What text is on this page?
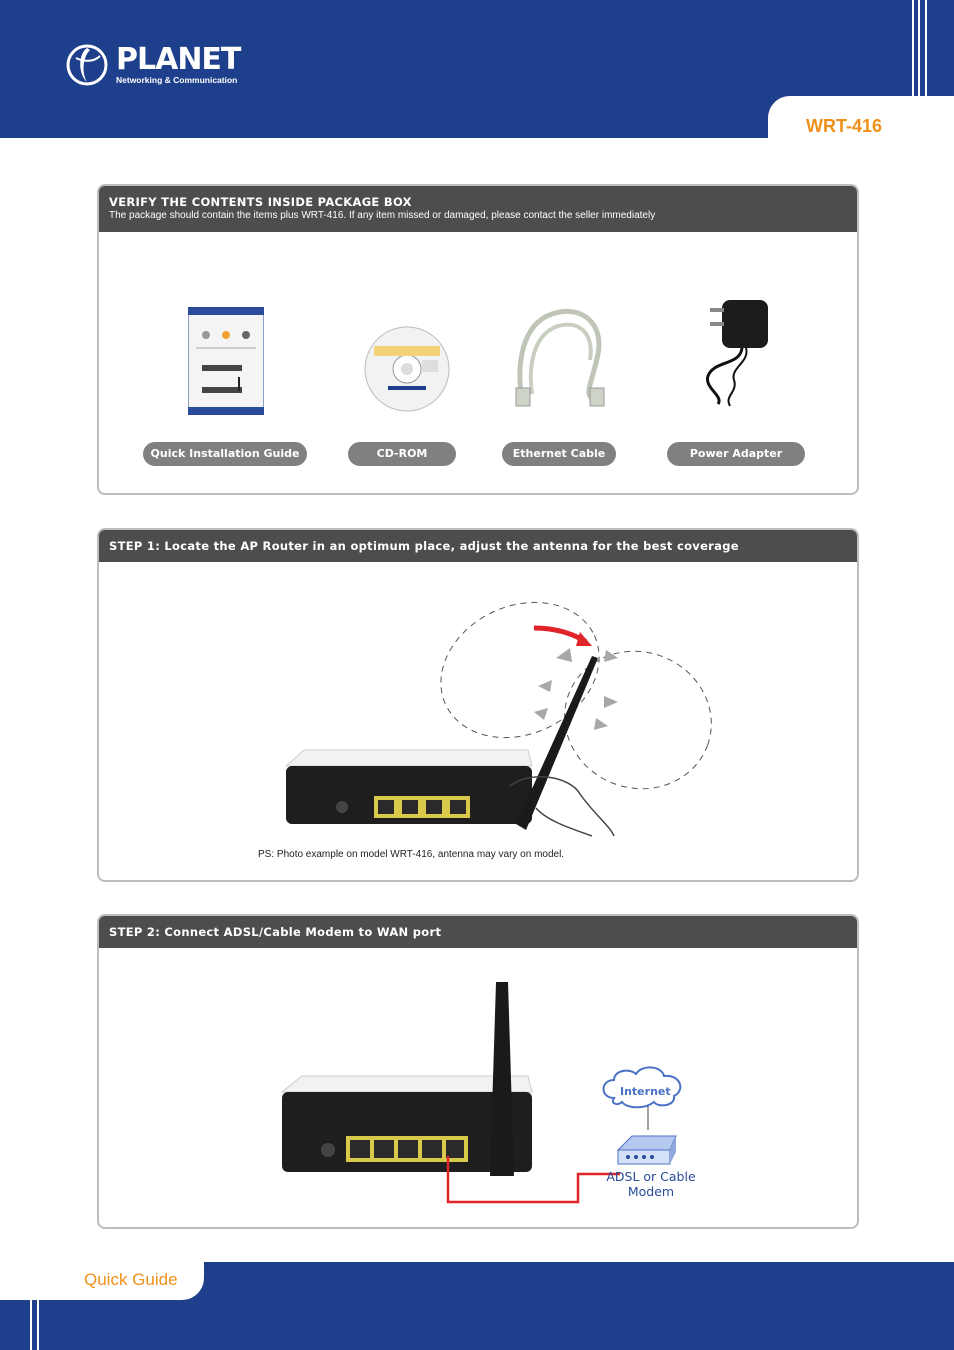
PLANET
Networking & Communication
WRT-416
VERIFY THE CONTENTS INSIDE PACKAGE BOX
The package should contain the items plus WRT-416. If any item missed or damaged, please contact the seller immediately
Quick Installation Guide	CD-ROM	Ethernet Cable	Power Adapter
STEP 1: Locate the AP Router in an optimum place, adjust the antenna for the best coverage
PS: Photo example on model WRT-416, antenna may vary on model.
STEP 2: Connect ADSL/Cable Modem to WAN port
Internet
ADSL or Cable
Modem
Quick Guide
